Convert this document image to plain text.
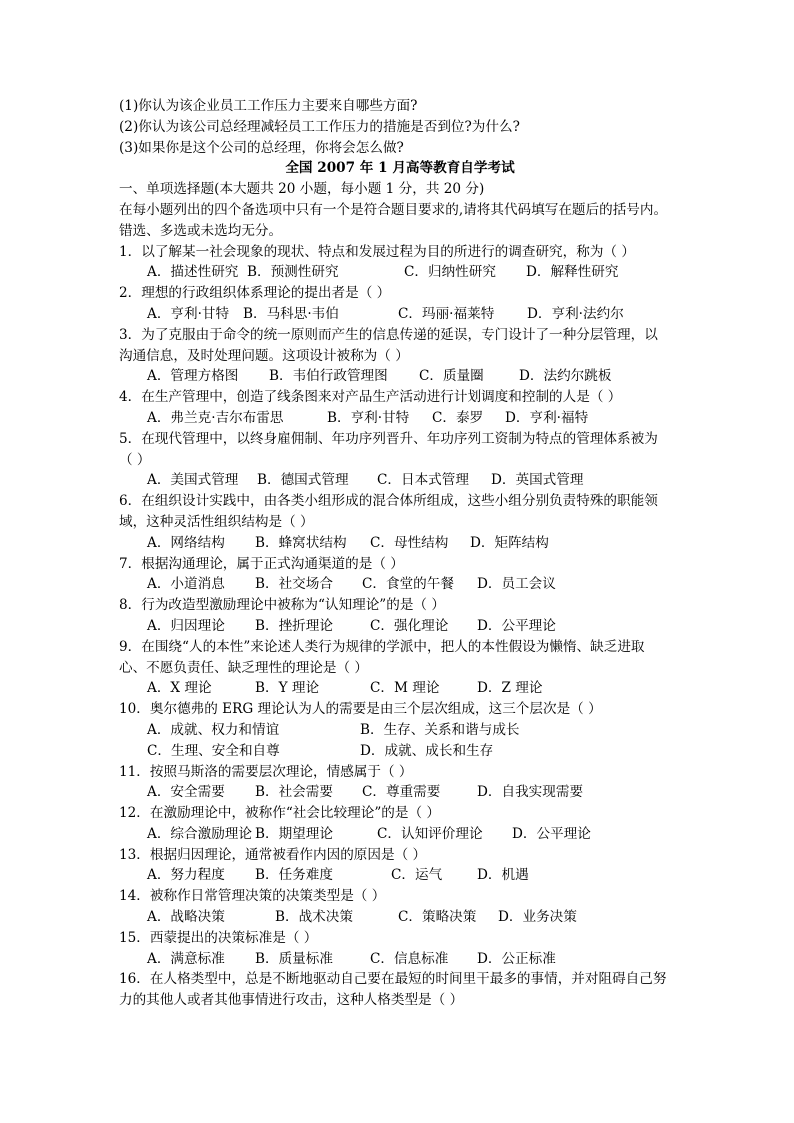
(1)你认为该企业员工工作压力主要来自哪些方面?
(2)你认为该公司总经理减轻员工工作压力的措施是否到位?为什么?
(3)如果你是这个公司的总经理，你将会怎么做?
全国 2007 年 1 月高等教育自学考试
一、单项选择题(本大题共 20 小题，每小题 1 分，共 20 分)
在每小题列出的四个备选项中只有一个是符合题目要求的,请将其代码填写在题后的括号内。
错选、多选或未选均无分。
1．以了解某一社会现象的现状、特点和发展过程为目的所进行的调查研究，称为（ ）
A．描述性研究 B．预测性研究	C．归纳性研究 D．解释性研究
2．理想的行政组织体系理论的提出者是（ ）
A．亨利·甘特 B．马科思·韦伯	C．玛丽·福莱特 D．亨利·法约尔
3．为了克服由于命令的统一原则而产生的信息传递的延误，专门设计了一种分层管理，以
沟通信息，及时处理问题。这项设计被称为（ ）
A．管理方格图 B．韦伯行政管理图 C．质量圈	D．法约尔跳板
4．在生产管理中，创造了线条图来对产品生产活动进行计划调度和控制的人是（ ）
A．弗兰克·吉尔布雷思	B．亨利·甘特 C．泰罗 D．亨利·福特
5．在现代管理中，以终身雇佣制、年功序列晋升、年功序列工资制为特点的管理体系被为
（ ）
A．美国式管理 B．德国式管理 C．日本式管理 D．英国式管理
6．在组织设计实践中，由各类小组形成的混合体所组成，这些小组分别负责特殊的职能领
域，这种灵活性组织结构是（ ）
A．网络结构 B．蜂窝状结构 C．母性结构 D．矩阵结构
7．根据沟通理论，属于正式沟通渠道的是（ ）
A．小道消息 B．社交场合 C．食堂的午餐 D．员工会议
8．行为改造型激励理论中被称为“认知理论”的是（ ）
A．归因理论 B．挫折理论	C．强化理论 D．公平理论
9．在围绕“人的本性”来论述人类行为规律的学派中，把人的本性假设为懒惰、缺乏进取
心、不愿负责任、缺乏理性的理论是（ ）
A．X 理论	B．Y 理论	C．M 理论	D．Z 理论
10．奥尔德弗的 ERG 理论认为人的需要是由三个层次组成，这三个层次是（ ）
A．成就、权力和情谊	B．生存、关系和谐与成长
C．生理、安全和自尊	D．成就、成长和生存
11．按照马斯洛的需要层次理论，情感属于（ ）
A．安全需要 B．社会需要 C．尊重需要	D．自我实现需要
12．在激励理论中，被称作“社会比较理论”的是（ ）
A．综合激励理论 B．期望理论	C．认知评价理论 D．公平理论
13．根据归因理论，通常被看作内因的原因是（ ）
A．努力程度 B．任务难度	C．运气	D．机遇
14．被称作日常管理决策的决策类型是（ ）
A．战略决策	B．战术决策	C．策略决策 D．业务决策
15．西蒙提出的决策标准是（ ）
A．满意标准 B．质量标准	C．信息标准 D．公正标准
16．在人格类型中，总是不断地驱动自己要在最短的时间里干最多的事情，并对阻碍自己努
力的其他人或者其他事情进行攻击，这种人格类型是（ ）
